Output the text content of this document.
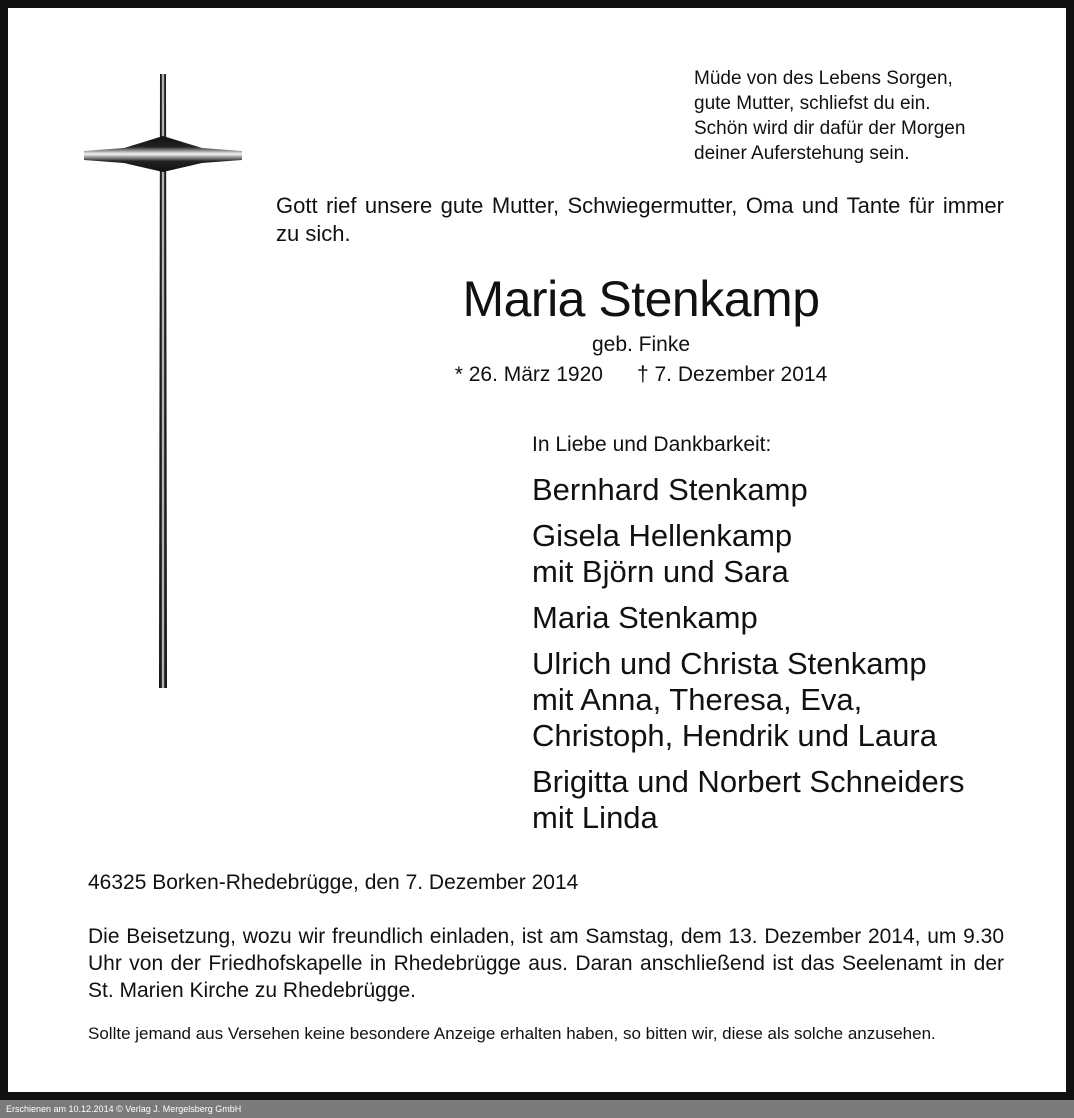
Müde von des Lebens Sorgen,
gute Mutter, schliefst du ein.
Schön wird dir dafür der Morgen
deiner Auferstehung sein.
Gott rief unsere gute Mutter, Schwiegermutter, Oma und Tante für immer zu sich.
Maria Stenkamp
geb. Finke
* 26. März 1920 † 7. Dezember 2014
In Liebe und Dankbarkeit:
Bernhard Stenkamp
Gisela Hellenkamp
mit Björn und Sara
Maria Stenkamp
Ulrich und Christa Stenkamp
mit Anna, Theresa, Eva,
Christoph, Hendrik und Laura
Brigitta und Norbert Schneiders
mit Linda
46325 Borken-Rhedebrügge, den 7. Dezember 2014
Die Beisetzung, wozu wir freundlich einladen, ist am Samstag, dem 13. Dezember 2014, um 9.30 Uhr von der Friedhofskapelle in Rhedebrügge aus. Daran anschließend ist das Seelenamt in der St. Marien Kirche zu Rhedebrügge.
Sollte jemand aus Versehen keine besondere Anzeige erhalten haben, so bitten wir, diese als solche anzusehen.
Erschienen am 10.12.2014 © Verlag J. Mergelsberg GmbH
